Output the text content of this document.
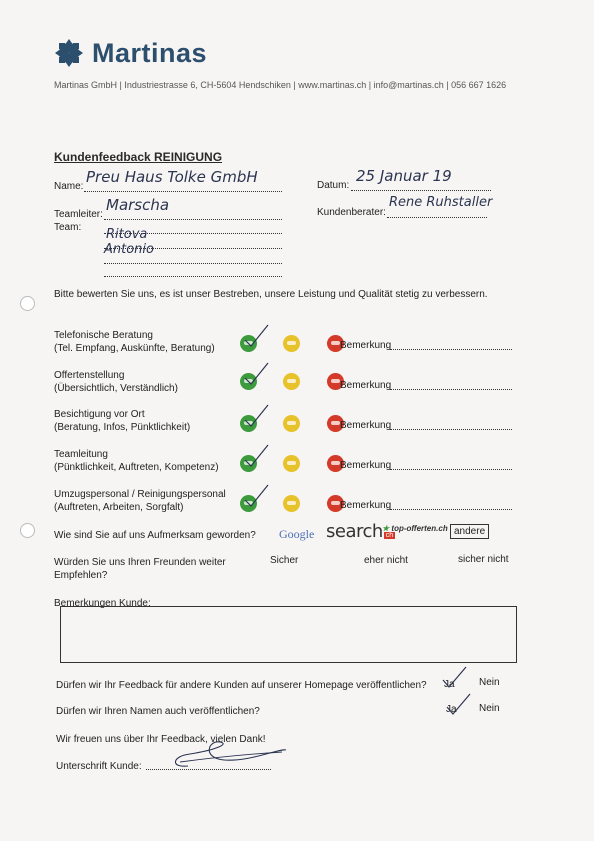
Martinas
Martinas GmbH | Industriestrasse 6, CH-5604 Hendschiken | www.martinas.ch | info@martinas.ch | 056 667 1626
Kundenfeedback REINIGUNG
Name:
Preu Haus Tolke GmbH	Datum:
25 Januar 19
Teamleiter:
Marscha	Kundenberater:
Rene Ruhstaller
Team: Ritova
Antonio
Bitte bewerten Sie uns, es ist unser Bestreben, unsere Leistung und Qualität stetig zu verbessern.
Telefonische Beratung
(Tel. Empfang, Auskünfte, Beratung)
	Bemerkung
Offertenstellung
(Übersichtlich, Verständlich)
	Bemerkung
Besichtigung vor Ort
(Beratung, Infos, Pünktlichkeit)
	Bemerkung
Teamleitung
(Pünktlichkeit, Auftreten, Kompetenz)
	Bemerkung
Umzugspersonal / Reinigungspersonal
(Auftreten, Arbeiten, Sorgfalt)
	Bemerkung
Wie sind Sie auf uns Aufmerksam geworden? Google search ch
★ top-offerten.ch andere
Würden Sie uns Ihren Freunden weiter
Empfehlen?
Sicher	eher nicht	sicher nicht
Bemerkungen Kunde:
Dürfen wir Ihr Feedback für andere Kunden auf unserer Homepage veröffentlichen? Ja Nein
Dürfen wir Ihren Namen auch veröffentlichen?	Ja Nein
Wir freuen uns über Ihr Feedback, vielen Dank!
Unterschrift Kunde:
